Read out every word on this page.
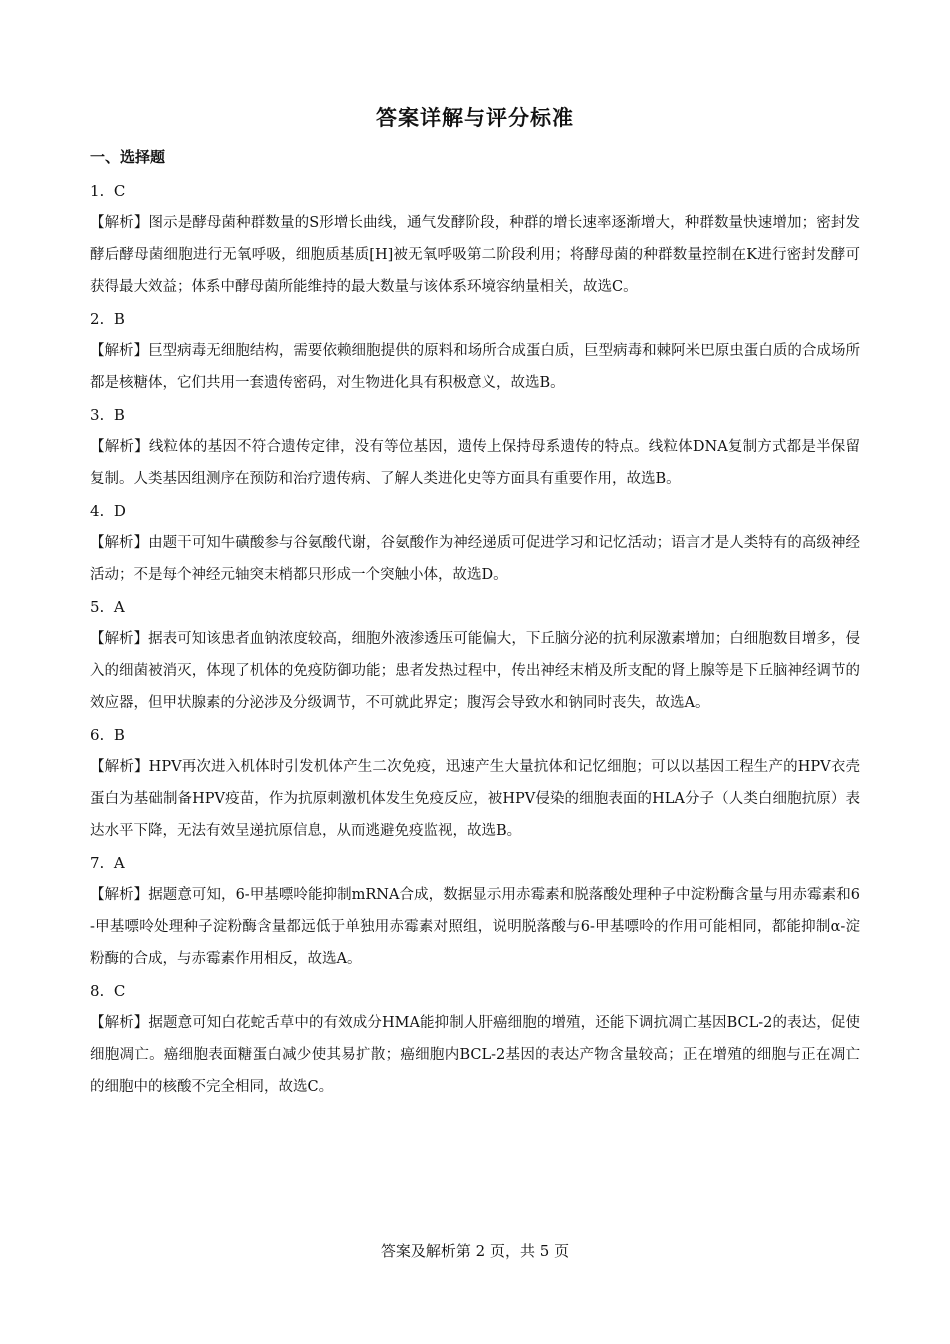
答案详解与评分标准
一、选择题

1. C

【解析】图示是酵母菌种群数量的S形增长曲线，通气发酵阶段，种群的增长速率逐渐增大，种群数量快速增加；密封发酵后酵母菌细胞进行无氧呼吸，细胞质基质[H]被无氧呼吸第二阶段利用；将酵母菌的种群数量控制在K进行密封发酵可获得最大效益；体系中酵母菌所能维持的最大数量与该体系环境容纳量相关，故选C。

2. B

【解析】巨型病毒无细胞结构，需要依赖细胞提供的原料和场所合成蛋白质，巨型病毒和棘阿米巴原虫蛋白质的合成场所都是核糖体，它们共用一套遗传密码，对生物进化具有积极意义，故选B。

3. B

【解析】线粒体的基因不符合遗传定律，没有等位基因，遗传上保持母系遗传的特点。线粒体DNA复制方式都是半保留复制。人类基因组测序在预防和治疗遗传病、了解人类进化史等方面具有重要作用，故选B。

4. D

【解析】由题干可知牛磺酸参与谷氨酸代谢，谷氨酸作为神经递质可促进学习和记忆活动；语言才是人类特有的高级神经活动；不是每个神经元轴突末梢都只形成一个突触小体，故选D。

5. A

【解析】据表可知该患者血钠浓度较高，细胞外液渗透压可能偏大，下丘脑分泌的抗利尿激素增加；白细胞数目增多，侵入的细菌被消灭，体现了机体的免疫防御功能；患者发热过程中，传出神经末梢及所支配的肾上腺等是下丘脑神经调节的效应器，但甲状腺素的分泌涉及分级调节，不可就此界定；腹泻会导致水和钠同时丧失，故选A。

6. B

【解析】HPV再次进入机体时引发机体产生二次免疫，迅速产生大量抗体和记忆细胞；可以以基因工程生产的HPV衣壳蛋白为基础制备HPV疫苗，作为抗原刺激机体发生免疫反应，被HPV侵染的细胞表面的HLA分子（人类白细胞抗原）表达水平下降，无法有效呈递抗原信息，从而逃避免疫监视，故选B。

7. A

【解析】据题意可知，6-甲基嘌呤能抑制mRNA合成，数据显示用赤霉素和脱落酸处理种子中淀粉酶含量与用赤霉素和6-甲基嘌呤处理种子淀粉酶含量都远低于单独用赤霉素对照组，说明脱落酸与6-甲基嘌呤的作用可能相同，都能抑制α-淀粉酶的合成，与赤霉素作用相反，故选A。

8. C

【解析】据题意可知白花蛇舌草中的有效成分HMA能抑制人肝癌细胞的增殖，还能下调抗凋亡基因BCL-2的表达，促使细胞凋亡。癌细胞表面糖蛋白减少使其易扩散；癌细胞内BCL-2基因的表达产物含量较高；正在增殖的细胞与正在凋亡的细胞中的核酸不完全相同，故选C。

答案及解析第 2 页，共 5 页
